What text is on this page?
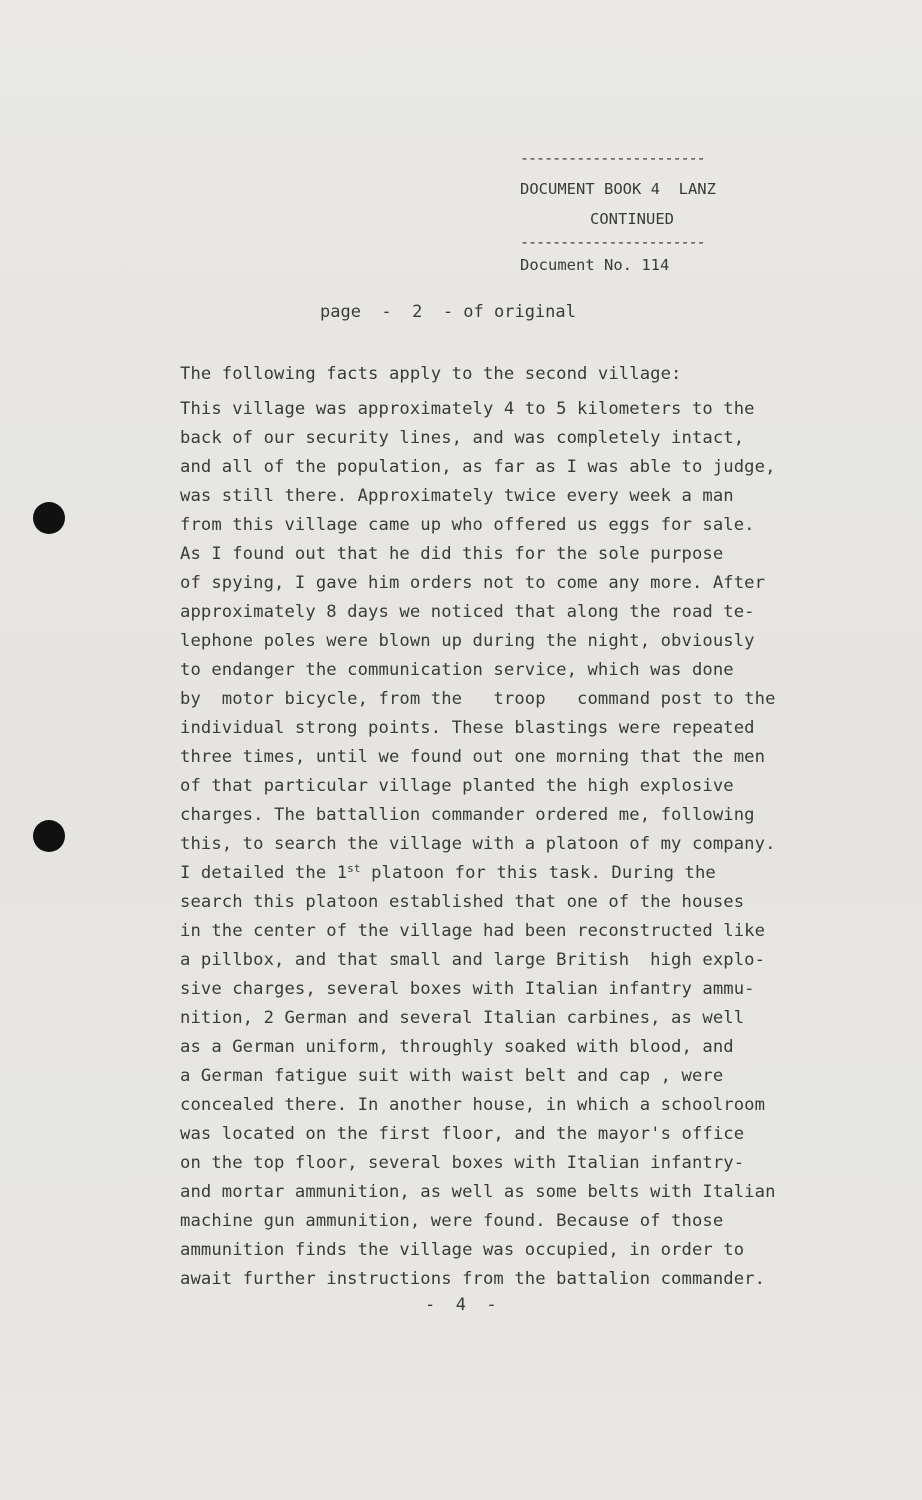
-----------------------
DOCUMENT BOOK 4  LANZ
CONTINUED
-----------------------
Document No. 114
page  -  2  - of original
The following facts apply to the second village:
This village was approximately 4 to 5 kilometers to the
back of our security lines, and was completely intact,
and all of the population, as far as I was able to judge,
was still there. Approximately twice every week a man
from this village came up who offered us eggs for sale.
As I found out that he did this for the sole purpose
of spying, I gave him orders not to come any more. After
approximately 8 days we noticed that along the road te-
lephone poles were blown up during the night, obviously
to endanger the communication service, which was done
by  motor bicycle, from the   troop   command post to the
individual strong points. These blastings were repeated
three times, until we found out one morning that the men
of that particular village planted the high explosive
charges. The battallion commander ordered me, following
this, to search the village with a platoon of my company.
I detailed the 1st platoon for this task. During the
search this platoon established that one of the houses
in the center of the village had been reconstructed like
a pillbox, and that small and large British  high explo-
sive charges, several boxes with Italian infantry ammu-
nition, 2 German and several Italian carbines, as well
as a German uniform, throughly soaked with blood, and
a German fatigue suit with waist belt and cap , were
concealed there. In another house, in which a schoolroom
was located on the first floor, and the mayor's office
on the top floor, several boxes with Italian infantry-
and mortar ammunition, as well as some belts with Italian
machine gun ammunition, were found. Because of those
ammunition finds the village was occupied, in order to
await further instructions from the battalion commander.
-  4  -
